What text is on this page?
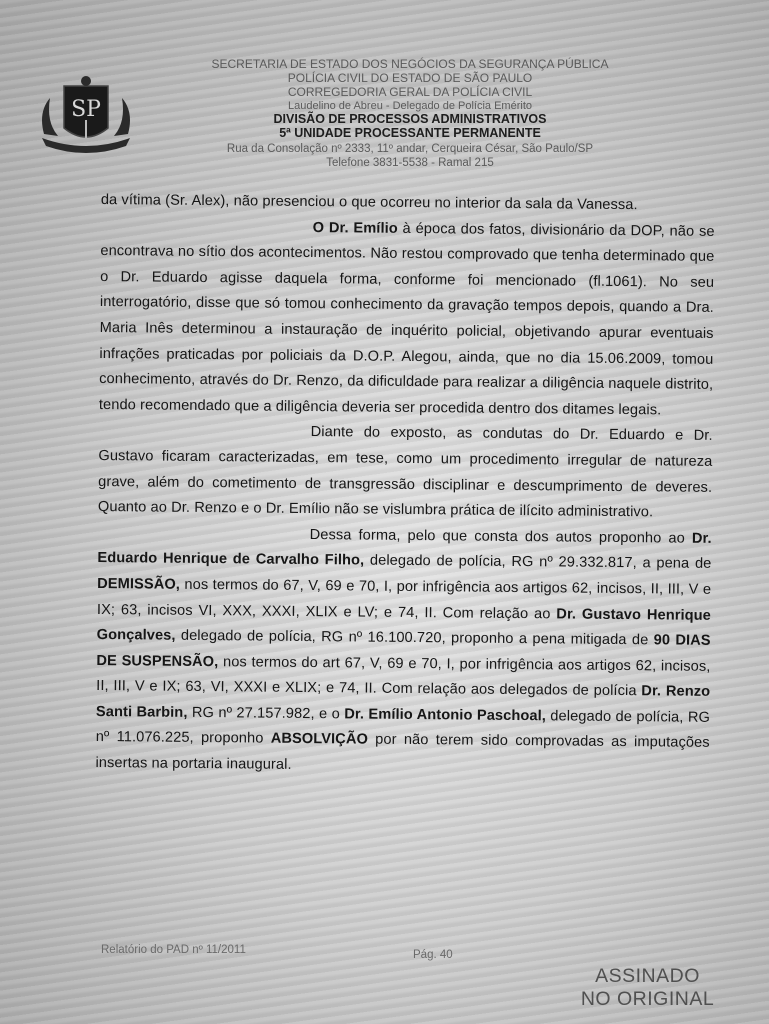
SP
SECRETARIA DE ESTADO DOS NEGÓCIOS DA SEGURANÇA PÚBLICA
POLÍCIA CIVIL DO ESTADO DE SÃO PAULO
CORREGEDORIA GERAL DA POLÍCIA CIVIL
Laudelino de Abreu - Delegado de Polícia Emérito
DIVISÃO DE PROCESSOS ADMINISTRATIVOS
5ª UNIDADE PROCESSANTE PERMANENTE
Rua da Consolação nº 2333, 11º andar, Cerqueira César, São Paulo/SP
Telefone 3831-5538 - Ramal 215

da vítima (Sr. Alex), não presenciou o que ocorreu no interior da sala da Vanessa.

O Dr. Emílio à época dos fatos, divisionário da DOP, não se encontrava no sítio dos acontecimentos. Não restou comprovado que tenha determinado que o Dr. Eduardo agisse daquela forma, conforme foi mencionado (fl.1061). No seu interrogatório, disse que só tomou conhecimento da gravação tempos depois, quando a Dra. Maria Inês determinou a instauração de inquérito policial, objetivando apurar eventuais infrações praticadas por policiais da D.O.P. Alegou, ainda, que no dia 15.06.2009, tomou conhecimento, através do Dr. Renzo, da dificuldade para realizar a diligência naquele distrito, tendo recomendado que a diligência deveria ser procedida dentro dos ditames legais.

Diante do exposto, as condutas do Dr. Eduardo e Dr. Gustavo ficaram caracterizadas, em tese, como um procedimento irregular de natureza grave, além do cometimento de transgressão disciplinar e descumprimento de deveres. Quanto ao Dr. Renzo e o Dr. Emílio não se vislumbra prática de ilícito administrativo.

Dessa forma, pelo que consta dos autos proponho ao Dr. Eduardo Henrique de Carvalho Filho, delegado de polícia, RG nº 29.332.817, a pena de DEMISSÃO, nos termos do 67, V, 69 e 70, I, por infrigência aos artigos 62, incisos, II, III, V e IX; 63, incisos VI, XXX, XXXI, XLIX e LV; e 74, II. Com relação ao Dr. Gustavo Henrique Gonçalves, delegado de polícia, RG nº 16.100.720, proponho a pena mitigada de 90 DIAS DE SUSPENSÃO, nos termos do art 67, V, 69 e 70, I, por infrigência aos artigos 62, incisos, II, III, V e IX; 63, VI, XXXI e XLIX; e 74, II. Com relação aos delegados de polícia Dr. Renzo Santi Barbin, RG nº 27.157.982, e o Dr. Emílio Antonio Paschoal, delegado de polícia, RG nº 11.076.225, proponho ABSOLVIÇÃO por não terem sido comprovadas as imputações insertas na portaria inaugural.

Relatório do PAD nº 11/2011	Pág. 40
ASSINADO
NO ORIGINAL
